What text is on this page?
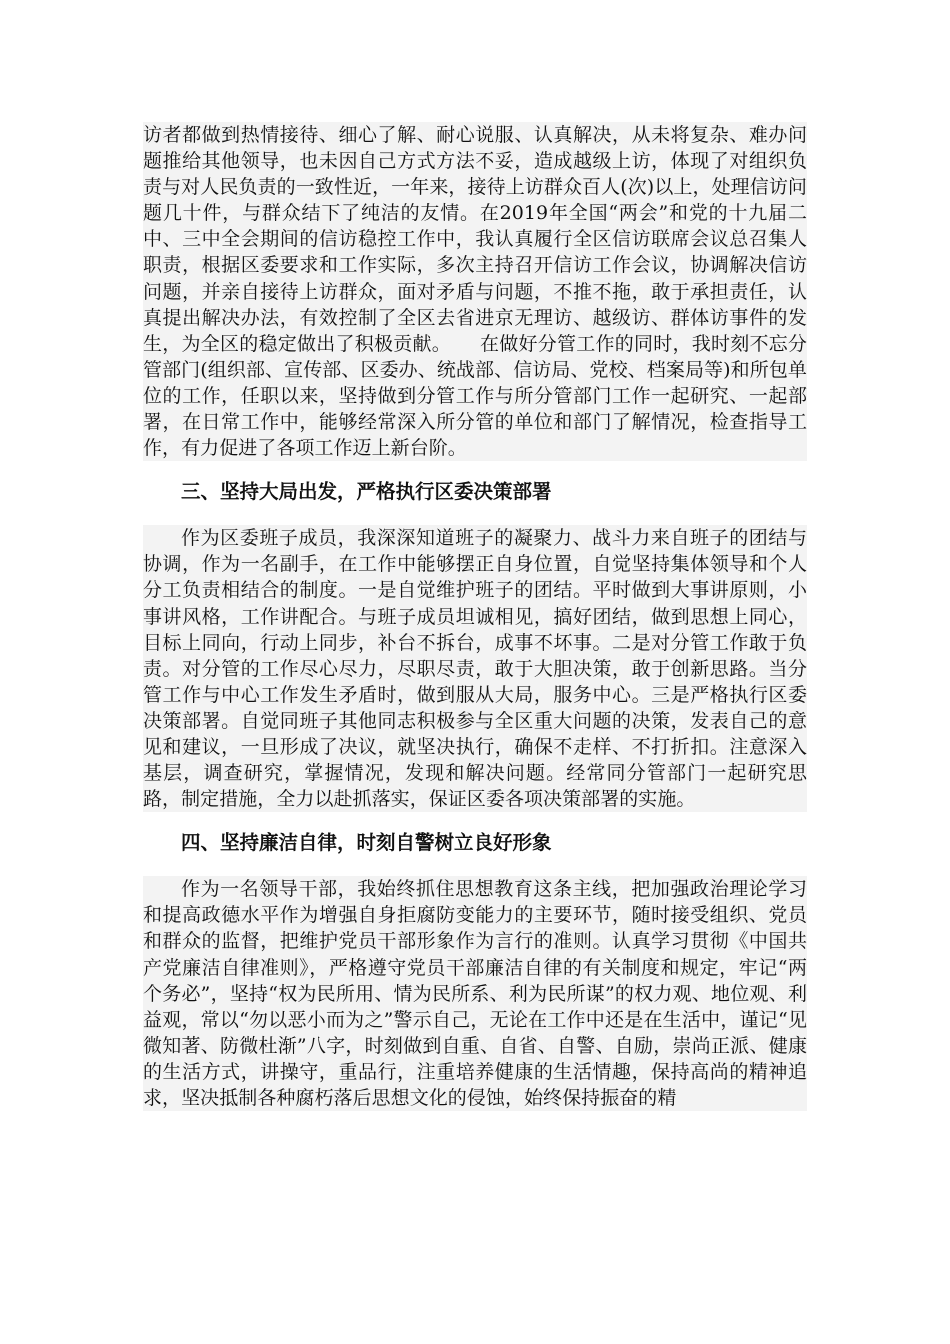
访者都做到热情接待、细心了解、耐心说服、认真解决，从未将复杂、难办问题推给其他领导，也未因自己方式方法不妥，造成越级上访，体现了对组织负责与对人民负责的一致性近，一年来，接待上访群众百人(次)以上，处理信访问题几十件，与群众结下了纯洁的友情。在2019年全国“两会”和党的十九届二中、三中全会期间的信访稳控工作中，我认真履行全区信访联席会议总召集人职责，根据区委要求和工作实际，多次主持召开信访工作会议，协调解决信访问题，并亲自接待上访群众，面对矛盾与问题，不推不拖，敢于承担责任，认真提出解决办法，有效控制了全区去省进京无理访、越级访、群体访事件的发生，为全区的稳定做出了积极贡献。　　在做好分管工作的同时，我时刻不忘分管部门(组织部、宣传部、区委办、统战部、信访局、党校、档案局等)和所包单位的工作，任职以来，坚持做到分管工作与所分管部门工作一起研究、一起部署，在日常工作中，能够经常深入所分管的单位和部门了解情况，检查指导工作，有力促进了各项工作迈上新台阶。

三、坚持大局出发，严格执行区委决策部署

作为区委班子成员，我深深知道班子的凝聚力、战斗力来自班子的团结与协调，作为一名副手，在工作中能够摆正自身位置，自觉坚持集体领导和个人分工负责相结合的制度。一是自觉维护班子的团结。平时做到大事讲原则，小事讲风格，工作讲配合。与班子成员坦诚相见，搞好团结，做到思想上同心，目标上同向，行动上同步，补台不拆台，成事不坏事。二是对分管工作敢于负责。对分管的工作尽心尽力，尽职尽责，敢于大胆决策，敢于创新思路。当分管工作与中心工作发生矛盾时，做到服从大局，服务中心。三是严格执行区委决策部署。自觉同班子其他同志积极参与全区重大问题的决策，发表自己的意见和建议，一旦形成了决议，就坚决执行，确保不走样、不打折扣。注意深入基层，调查研究，掌握情况，发现和解决问题。经常同分管部门一起研究思路，制定措施，全力以赴抓落实，保证区委各项决策部署的实施。

四、坚持廉洁自律，时刻自警树立良好形象

作为一名领导干部，我始终抓住思想教育这条主线，把加强政治理论学习和提高政德水平作为增强自身拒腐防变能力的主要环节，随时接受组织、党员和群众的监督，把维护党员干部形象作为言行的准则。认真学习贯彻《中国共产党廉洁自律准则》，严格遵守党员干部廉洁自律的有关制度和规定，牢记“两个务必”，坚持“权为民所用、情为民所系、利为民所谋”的权力观、地位观、利益观，常以“勿以恶小而为之”警示自己，无论在工作中还是在生活中，谨记“见微知著、防微杜渐”八字，时刻做到自重、自省、自警、自励，崇尚正派、健康的生活方式，讲操守，重品行，注重培养健康的生活情趣，保持高尚的精神追求，坚决抵制各种腐朽落后思想文化的侵蚀，始终保持振奋的精
